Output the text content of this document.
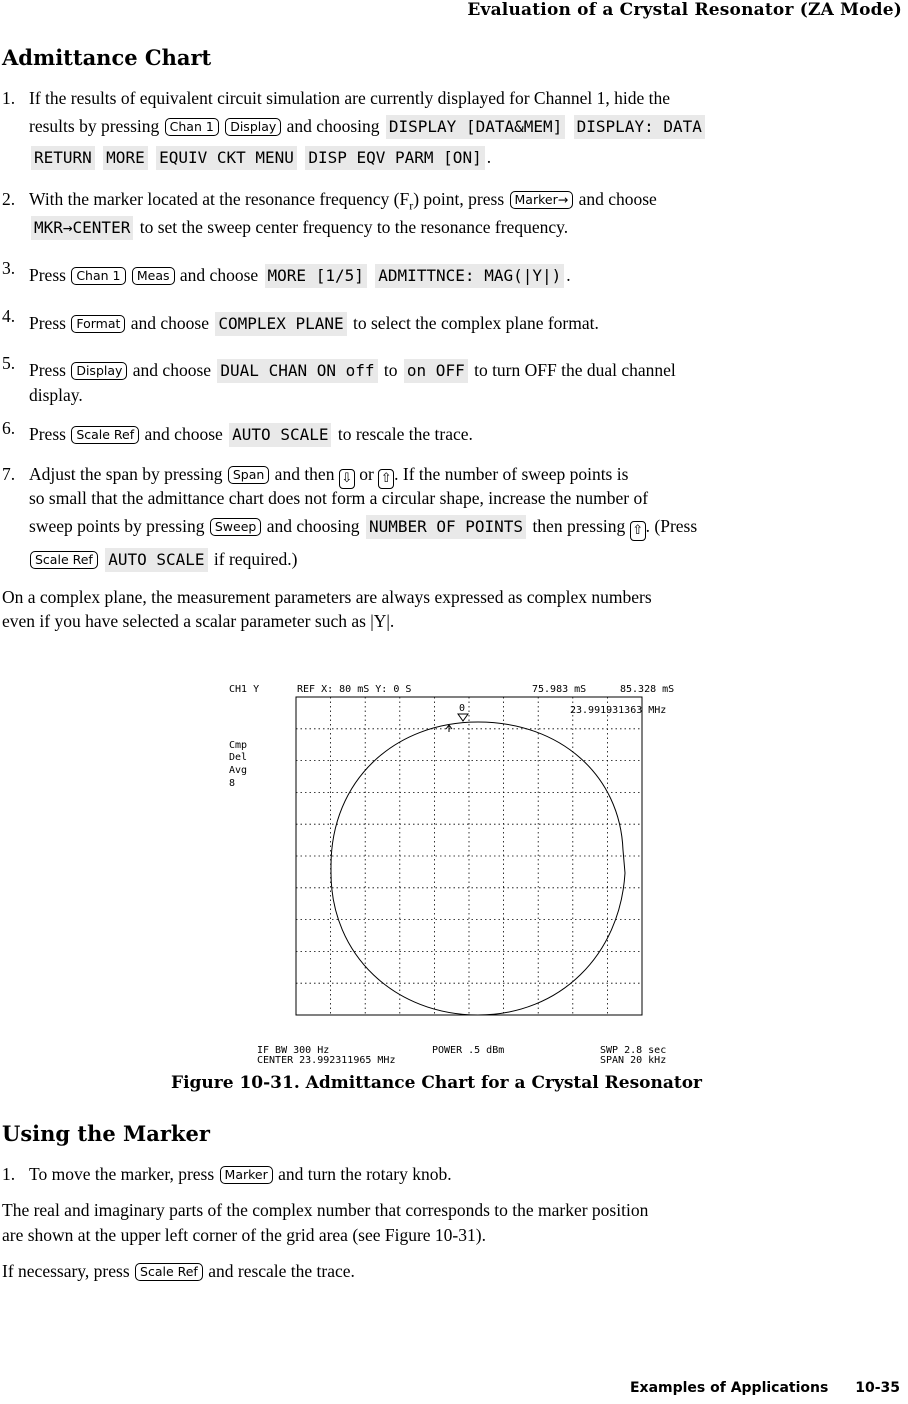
Evaluation of a Crystal Resonator (ZA Mode)
Admittance Chart
1. If the results of equivalent circuit simulation are currently displayed for Channel 1, hide the
results by pressing Chan 1 Display and choosing DISPLAY [DATA&MEM] DISPLAY: DATA
RETURN MORE EQUIV CKT MENU DISP EQV PARM [ON] .
2. With the marker located at the resonance frequency $(F_r)$ point, press Marker→ and choose
MKR→CENTER to set the sweep center frequency to the resonance frequency.
3. Press Chan 1 Meas and choose MORE [1/5] ADMITTNCE: MAG(|Y|) .
4. Press Format and choose COMPLEX PLANE to select the complex plane format.
5. Press Display and choose DUAL CHAN ON off to on OFF to turn OFF the dual channel
display.
6. Press Scale Ref and choose AUTO SCALE to rescale the trace.
7. Adjust the span by pressing Span and then ⇩ or ⇧ . If the number of sweep points is
so small that the admittance chart does not form a circular shape, increase the number of
sweep points by pressing Sweep and choosing NUMBER OF POINTS then pressing ⇧ . (Press
Scale Ref AUTO SCALE if required.)
On a complex plane, the measurement parameters are always expressed as complex numbers
even if you have selected a scalar parameter such as |Y|.
CH1 Y	REF X: 80 mS Y: 0 S	75.983 mS	85.328 mS
23.991931363 MHz
Cmp
Del
Avg
8
0
IF BW 300 Hz	POWER .5 dBm	SWP 2.8 sec
CENTER 23.992311965 MHz	SPAN 20 kHz
Figure 10-31. Admittance Chart for a Crystal Resonator
Using the Marker
1. To move the marker, press Marker and turn the rotary knob.
The real and imaginary parts of the complex number that corresponds to the marker position
are shown at the upper left corner of the grid area (see Figure 10-31).
If necessary, press Scale Ref and rescale the trace.
Examples of Applications 10-35
